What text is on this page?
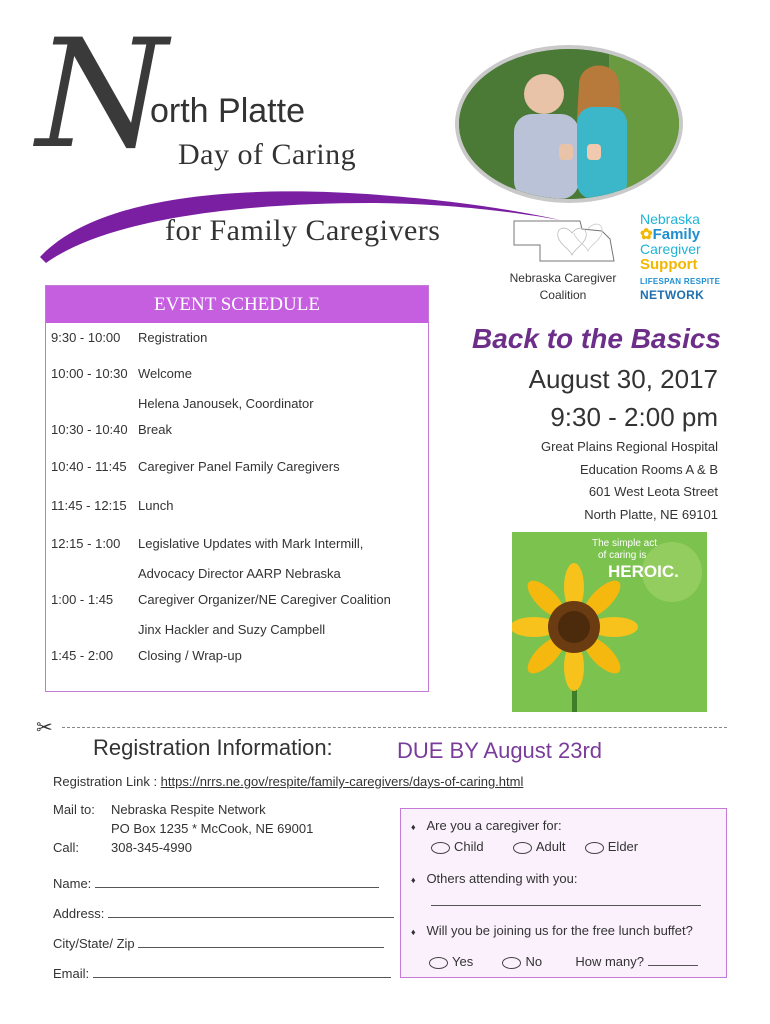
N
orth Platte
Day of Caring
for Family Caregivers
Nebraska Caregiver Coalition
Nebraska
✿Family
Caregiver
Support
LIFESPAN RESPITE
NETWORK
EVENT SCHEDULE
9:30 - 10:00	Registration
10:00 - 10:30 Welcome
Helena Janousek, Coordinator
10:30 - 10:40 Break
10:40 - 11:45 Caregiver Panel Family Caregivers
11:45 - 12:15 Lunch
12:15 - 1:00	Legislative Updates with Mark Intermill,
Advocacy Director AARP Nebraska
1:00 - 1:45	Caregiver Organizer/NE Caregiver Coalition
Jinx Hackler and Suzy Campbell
1:45 - 2:00	Closing / Wrap-up
Back to the Basics
August 30, 2017
9:30 - 2:00 pm
Great Plains Regional Hospital
Education Rooms A & B
601 West Leota Street
North Platte, NE 69101
The simple act
of caring is
HEROIC.
✂
Registration Information:	DUE BY August 23rd
Registration Link : https://nrrs.ne.gov/respite/family-caregivers/days-of-caring.html
Mail to: Nebraska Respite Network
PO Box 1235 * McCook, NE 69001
Call: 308-345-4990
Name:
Address:
City/State/ Zip
Email:
♦ Are you a caregiver for:
Child	Adult	Elder
♦ Others attending with you:
♦ Will you be joining us for the free lunch buffet?
Yes	No	How many?
